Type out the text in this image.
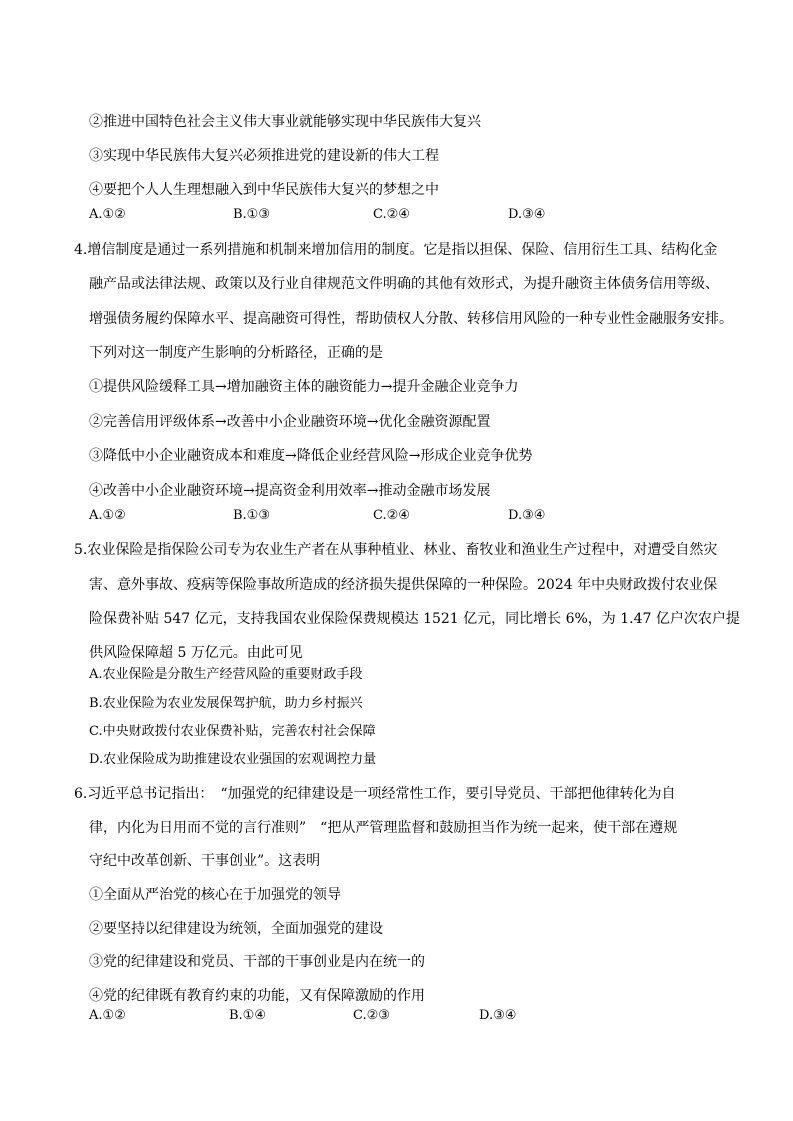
②推进中国特色社会主义伟大事业就能够实现中华民族伟大复兴
③实现中华民族伟大复兴必须推进党的建设新的伟大工程
④要把个人人生理想融入到中华民族伟大复兴的梦想之中
A.①②	B.①③	C.②④	D.③④
4.增信制度是通过一系列措施和机制来增加信用的制度。它是指以担保、保险、信用衍生工具、结构化金
融产品或法律法规、政策以及行业自律规范文件明确的其他有效形式，为提升融资主体债务信用等级、
增强债务履约保障水平、提高融资可得性，帮助债权人分散、转移信用风险的一种专业性金融服务安排。
下列对这一制度产生影响的分析路径，正确的是
①提供风险缓释工具→增加融资主体的融资能力→提升金融企业竞争力
②完善信用评级体系→改善中小企业融资环境→优化金融资源配置
③降低中小企业融资成本和难度→降低企业经营风险→形成企业竞争优势
④改善中小企业融资环境→提高资金利用效率→推动金融市场发展
A.①②	B.①③	C.②④	D.③④
5.农业保险是指保险公司专为农业生产者在从事种植业、林业、畜牧业和渔业生产过程中，对遭受自然灾
害、意外事故、疫病等保险事故所造成的经济损失提供保障的一种保险。2024 年中央财政拨付农业保
险保费补贴 547 亿元，支持我国农业保险保费规模达 1521 亿元，同比增长 6%，为 1.47 亿户次农户提
供风险保障超 5 万亿元。由此可见
A.农业保险是分散生产经营风险的重要财政手段
B.农业保险为农业发展保驾护航，助力乡村振兴
C.中央财政拨付农业保费补贴，完善农村社会保障
D.农业保险成为助推建设农业强国的宏观调控力量
6.习近平总书记指出：　“加强党的纪律建设是一项经常性工作，要引导党员、干部把他律转化为自
律，内化为日用而不觉的言行准则”　“把从严管理监督和鼓励担当作为统一起来，使干部在遵规
守纪中改革创新、干事创业”。这表明
①全面从严治党的核心在于加强党的领导
②要坚持以纪律建设为统领，全面加强党的建设
③党的纪律建设和党员、干部的干事创业是内在统一的
④党的纪律既有教育约束的功能，又有保障激励的作用
A.①②	B.①④	C.②③	D.③④
